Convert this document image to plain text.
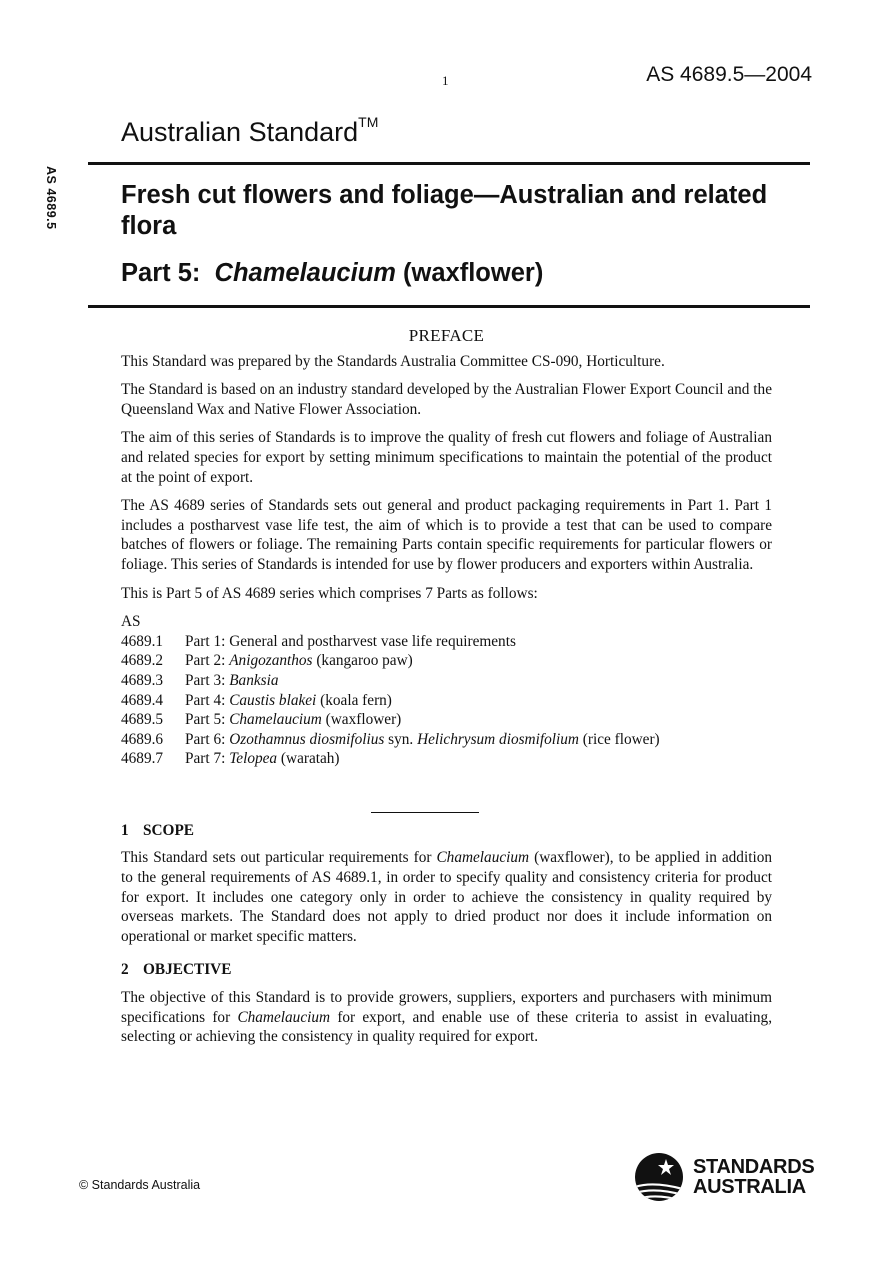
AS 4689.5
1	AS 4689.5—2004
Australian Standard™
Fresh cut flowers and foliage—Australian and related flora
Part 5: Chamelaucium (waxflower)
PREFACE

This Standard was prepared by the Standards Australia Committee CS-090, Horticulture.

The Standard is based on an industry standard developed by the Australian Flower Export Council and the Queensland Wax and Native Flower Association.

The aim of this series of Standards is to improve the quality of fresh cut flowers and foliage of Australian and related species for export by setting minimum specifications to maintain the potential of the product at the point of export.

The AS 4689 series of Standards sets out general and product packaging requirements in Part 1. Part 1 includes a postharvest vase life test, the aim of which is to provide a test that can be used to compare batches of flowers or foliage. The remaining Parts contain specific requirements for particular flowers or foliage. This series of Standards is intended for use by flower producers and exporters within Australia.

This is Part 5 of AS 4689 series which comprises 7 Parts as follows:

AS
4689.1	Part 1: General and postharvest vase life requirements
4689.2	Part 2: Anigozanthos (kangaroo paw)
4689.3	Part 3: Banksia
4689.4	Part 4: Caustis blakei (koala fern)
4689.5	Part 5: Chamelaucium (waxflower)
4689.6	Part 6: Ozothamnus diosmifolius syn. Helichrysum diosmifolium (rice flower)
4689.7	Part 7: Telopea (waratah)
1 SCOPE

This Standard sets out particular requirements for Chamelaucium (waxflower), to be applied in addition to the general requirements of AS 4689.1, in order to specify quality and consistency criteria for product for export. It includes one category only in order to achieve the consistency in quality required by overseas markets. The Standard does not apply to dried product nor does it include information on operational or market specific matters.

2 OBJECTIVE

The objective of this Standard is to provide growers, suppliers, exporters and purchasers with minimum specifications for Chamelaucium for export, and enable use of these criteria to assist in evaluating, selecting or achieving the consistency in quality required for export.

© Standards Australia
STANDARDS
AUSTRALIA
